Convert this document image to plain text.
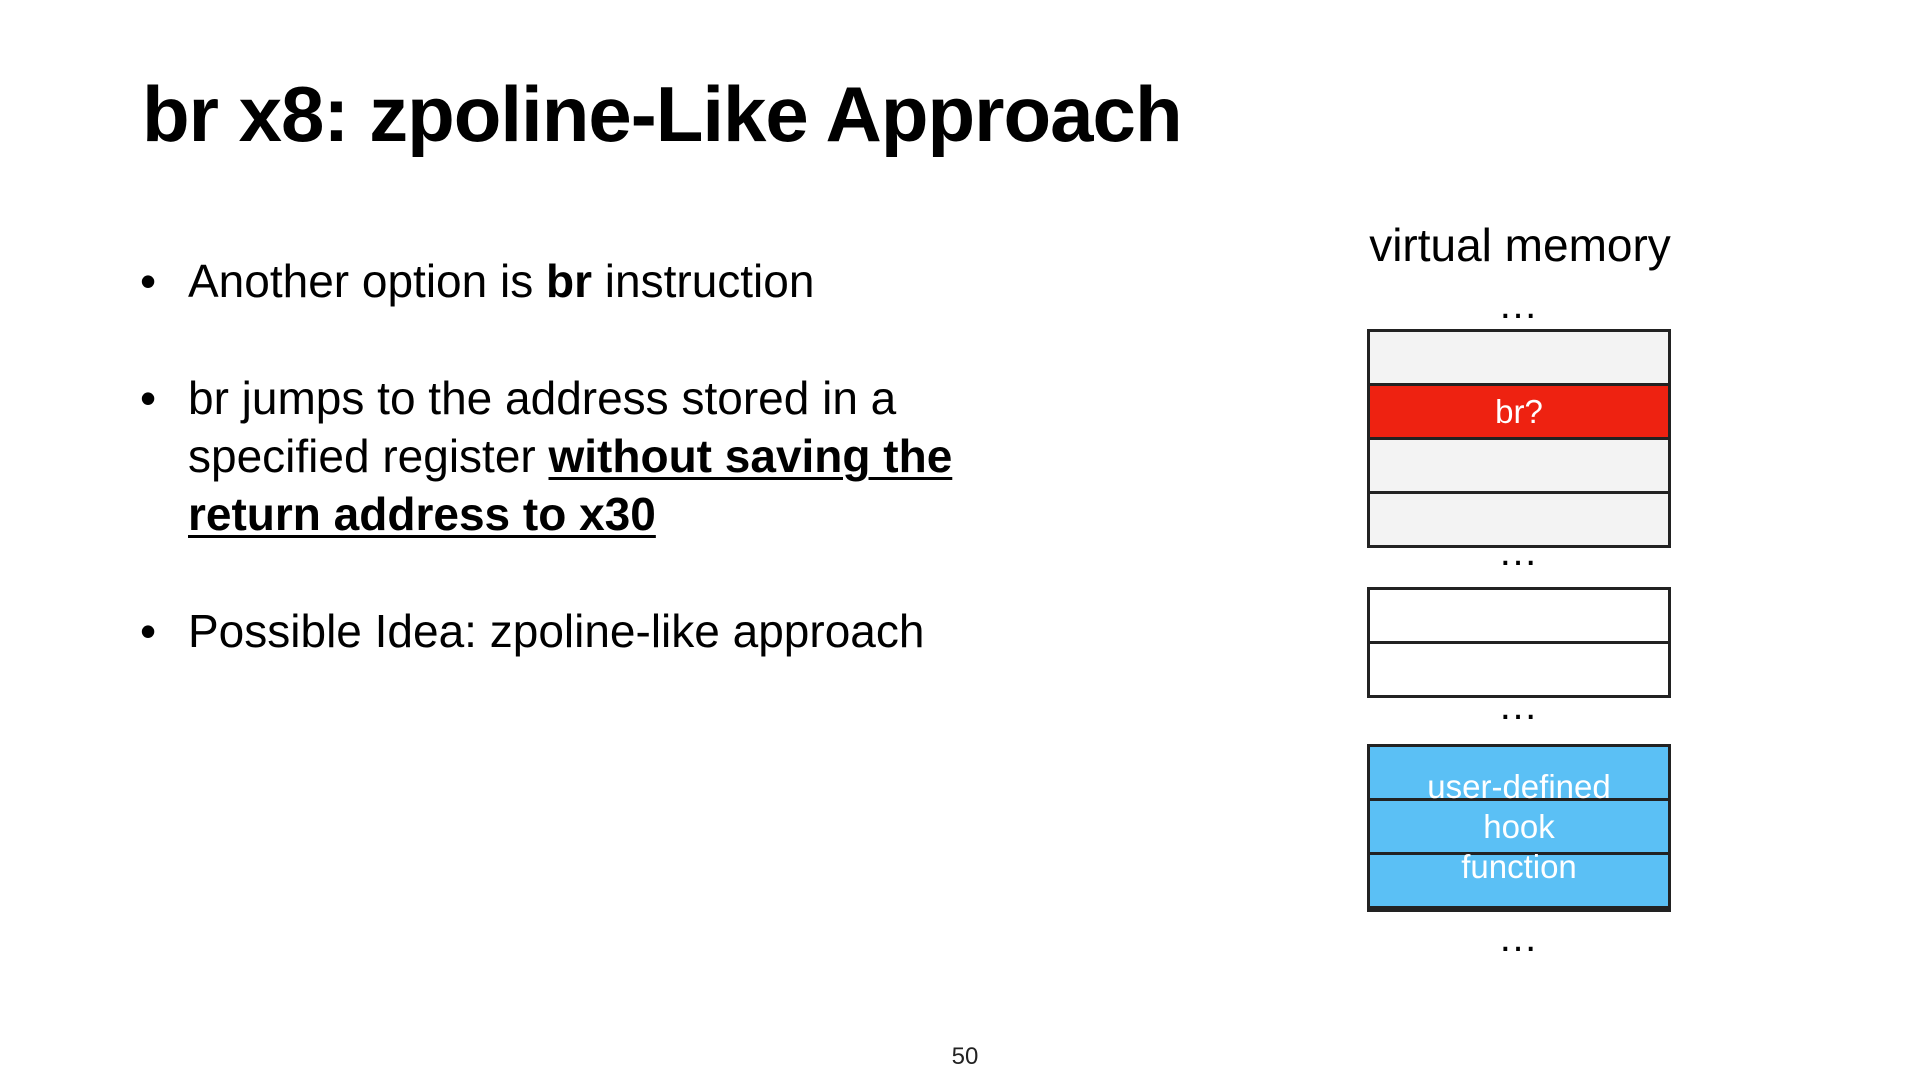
br x8: zpoline-Like Approach
• Another option is br instruction
• br jumps to the address stored in a specified register without saving the return address to x30
• Possible Idea: zpoline-like approach
virtual memory
…
br?
…
…
user-defined
hook
function
…
50
